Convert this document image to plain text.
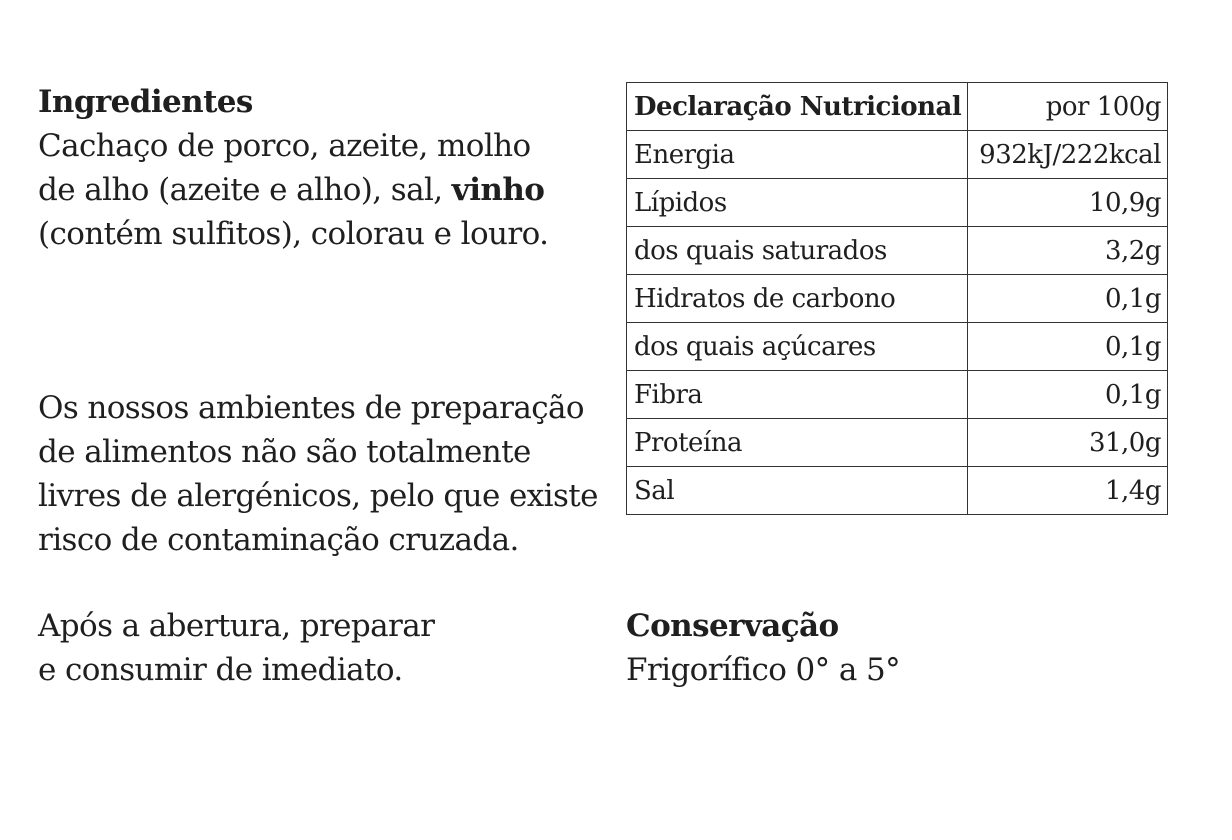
Ingredientes
Cachaço de porco, azeite, molho
de alho (azeite e alho), sal, vinho
(contém sulfitos), colorau e louro.
Os nossos ambientes de preparação
de alimentos não são totalmente
livres de alergénicos, pelo que existe
risco de contaminação cruzada.
Após a abertura, preparar
e consumir de imediato.
Declaração Nutricional	por 100g
Energia	932kJ/222kcal
Lípidos	10,9g
dos quais saturados	3,2g
Hidratos de carbono	0,1g
dos quais açúcares	0,1g
Fibra	0,1g
Proteína	31,0g
Sal	1,4g
Conservação
Frigorífico 0° a 5°
